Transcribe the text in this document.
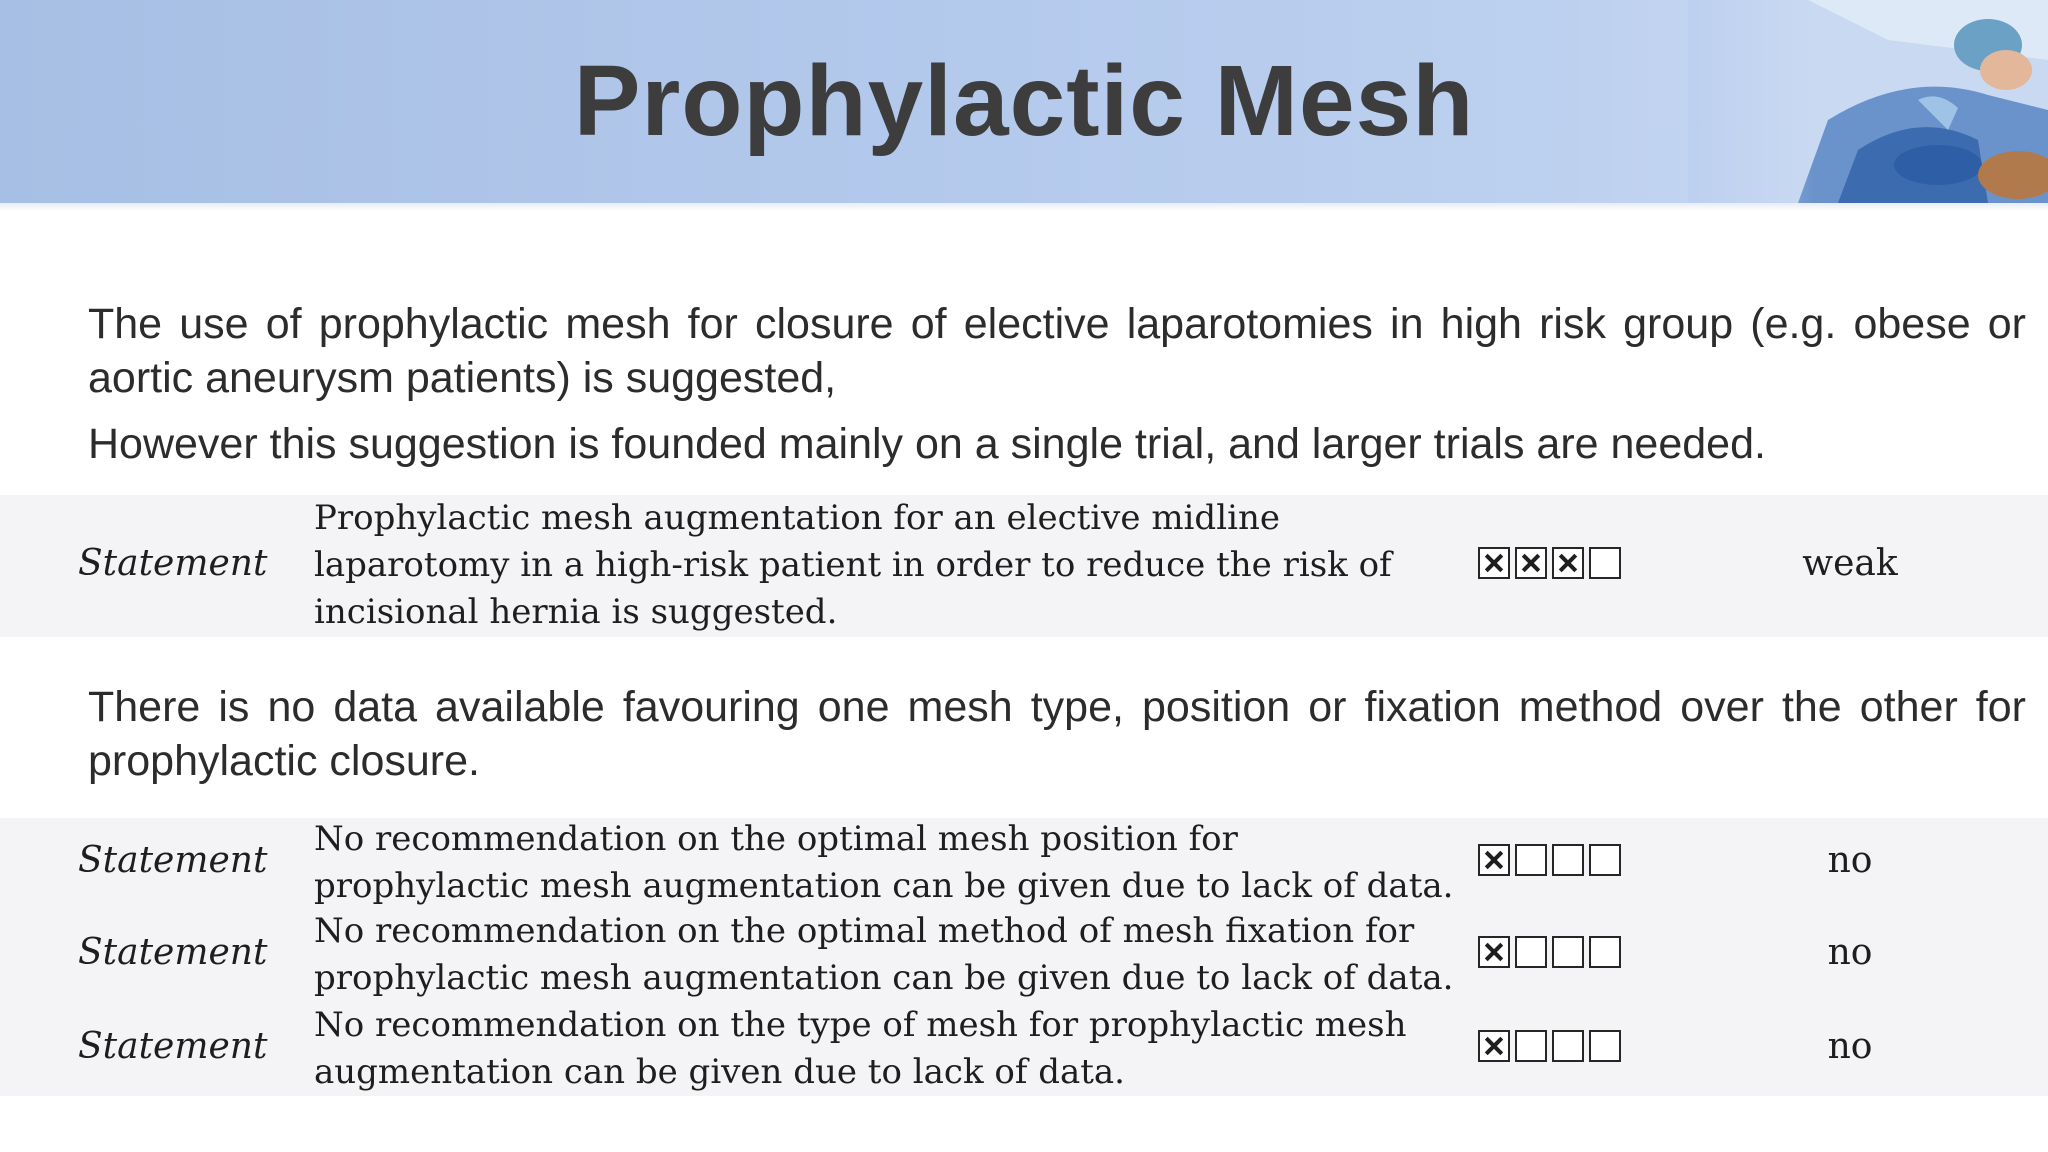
Prophylactic Mesh
The use of prophylactic mesh for closure of elective laparotomies in high risk group (e.g. obese or aortic aneurysm patients) is suggested,
However this suggestion is founded mainly on a single trial, and larger trials are needed.
Statement
Prophylactic mesh augmentation for an elective midline
laparotomy in a high-risk patient in order to reduce the risk of
incisional hernia is suggested.
weak
There is no data available favouring one mesh type, position or fixation method over the other for prophylactic closure.
Statement
No recommendation on the optimal mesh position for
prophylactic mesh augmentation can be given due to lack of data.
no
Statement
No recommendation on the optimal method of mesh fixation for
prophylactic mesh augmentation can be given due to lack of data.
no
Statement
No recommendation on the type of mesh for prophylactic mesh
augmentation can be given due to lack of data.
no
